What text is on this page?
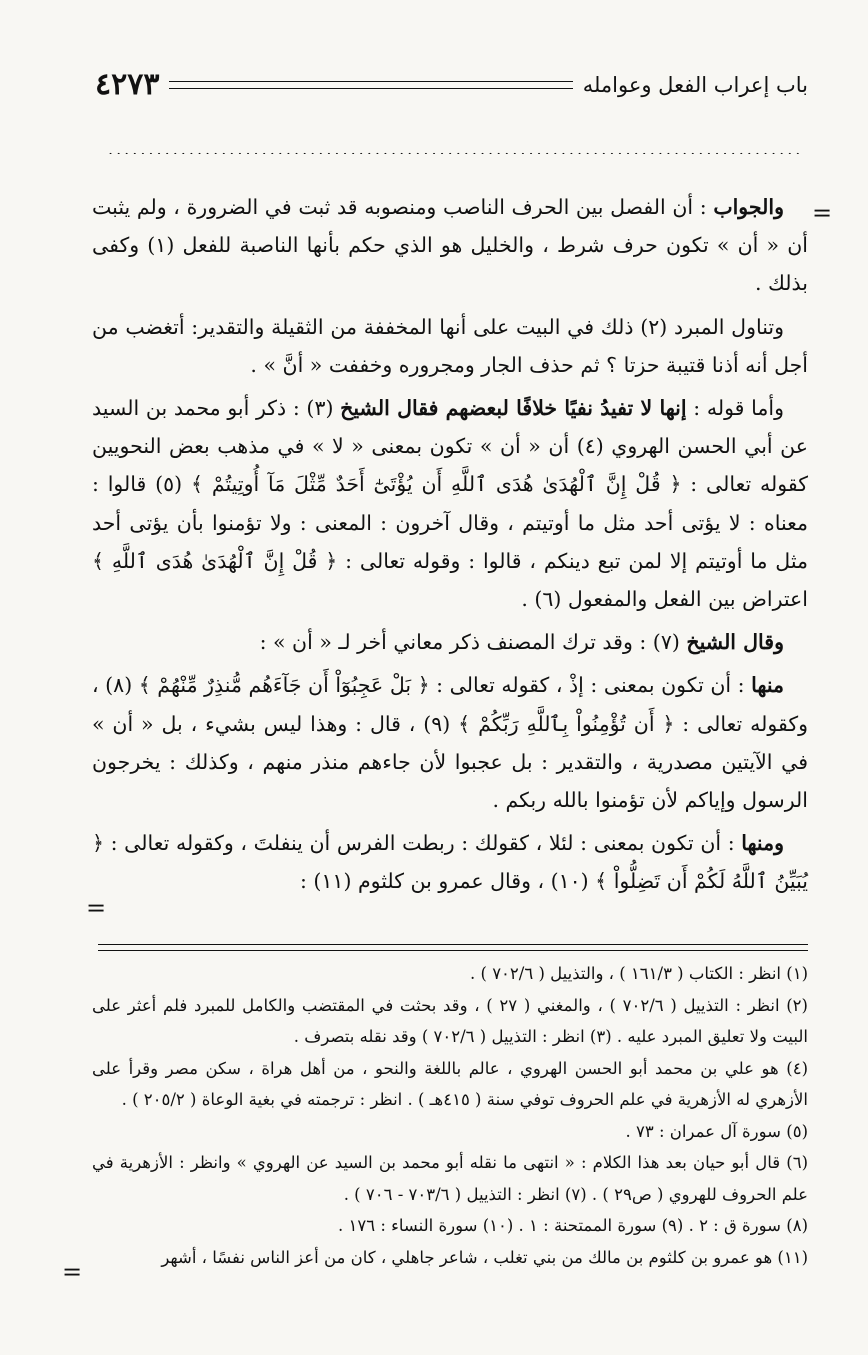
٤٢٧٣	باب إعراب الفعل وعوامله
......................................................................................
=
=
=

والجواب : أن الفصل بين الحرف الناصب ومنصوبه قد ثبت في الضرورة ، ولم يثبت أن « أن » تكون حرف شرط ، والخليل هو الذي حكم بأنها الناصبة للفعل (١) وكفى بذلك .

وتناول المبرد (٢) ذلك في البيت على أنها المخففة من الثقيلة والتقدير: أتغضب من أجل أنه أذنا قتيبة حزتا ؟ ثم حذف الجار ومجروره وخففت « أنَّ » .

وأما قوله : إنها لا تفيدُ نفيًا خلافًا لبعضهم فقال الشيخ (٣) : ذكر أبو محمد بن السيد عن أبي الحسن الهروي (٤) أن « أن » تكون بمعنى « لا » في مذهب بعض النحويين كقوله تعالى : ﴿ قُلْ إِنَّ ٱلْهُدَىٰ هُدَى ٱللَّهِ أَن يُؤْتَىٰٓ أَحَدٌ مِّثْلَ مَآ أُوتِيتُمْ ﴾ (٥) قالوا : معناه : لا يؤتى أحد مثل ما أوتيتم ، وقال آخرون : المعنى : ولا تؤمنوا بأن يؤتى أحد مثل ما أوتيتم إلا لمن تبع دينكم ، قالوا : وقوله تعالى : ﴿ قُلْ إِنَّ ٱلْهُدَىٰ هُدَى ٱللَّهِ ﴾ اعتراض بين الفعل والمفعول (٦) .

وقال الشيخ (٧) : وقد ترك المصنف ذكر معاني أخر لـ « أن » :

منها : أن تكون بمعنى : إذْ ، كقوله تعالى : ﴿ بَلْ عَجِبُوٓاْ أَن جَآءَهُم مُّنذِرٌ مِّنْهُمْ ﴾ (٨) ، وكقوله تعالى : ﴿ أَن تُؤْمِنُواْ بِٱللَّهِ رَبِّكُمْ ﴾ (٩) ، قال : وهذا ليس بشيء ، بل « أن » في الآيتين مصدرية ، والتقدير : بل عجبوا لأن جاءهم منذر منهم ، وكذلك : يخرجون الرسول وإياكم لأن تؤمنوا بالله ربكم .

ومنها : أن تكون بمعنى : لئلا ، كقولك : ربطت الفرس أن ينفلتَ ، وكقوله تعالى : ﴿ يُبَيِّنُ ٱللَّهُ لَكُمْ أَن تَضِلُّواْ ﴾ (١٠) ، وقال عمرو بن كلثوم (١١) :

(١) انظر : الكتاب ( ١٦١/٣ ) ، والتذييل ( ٧٠٢/٦ ) .

(٢) انظر : التذييل ( ٧٠٢/٦ ) ، والمغني ( ٢٧ ) ، وقد بحثت في المقتضب والكامل للمبرد فلم أعثر على البيت ولا تعليق المبرد عليه . (٣) انظر : التذييل ( ٧٠٢/٦ ) وقد نقله بتصرف .

(٤) هو علي بن محمد أبو الحسن الهروي ، عالم باللغة والنحو ، من أهل هراة ، سكن مصر وقرأ على الأزهري له الأزهرية في علم الحروف توفي سنة ( ٤١٥هـ ) . انظر : ترجمته في بغية الوعاة ( ٢٠٥/٢ ) .

(٥) سورة آل عمران : ٧٣ .

(٦) قال أبو حيان بعد هذا الكلام : « انتهى ما نقله أبو محمد بن السيد عن الهروي » وانظر : الأزهرية في علم الحروف للهروي ( ص٢٩ ) . (٧) انظر : التذييل ( ٧٠٣/٦ - ٧٠٦ ) .

(٨) سورة ق : ٢ . (٩) سورة الممتحنة : ١ . (١٠) سورة النساء : ١٧٦ .

(١١) هو عمرو بن كلثوم بن مالك من بني تغلب ، شاعر جاهلي ، كان من أعز الناس نفسًا ، أشهر
